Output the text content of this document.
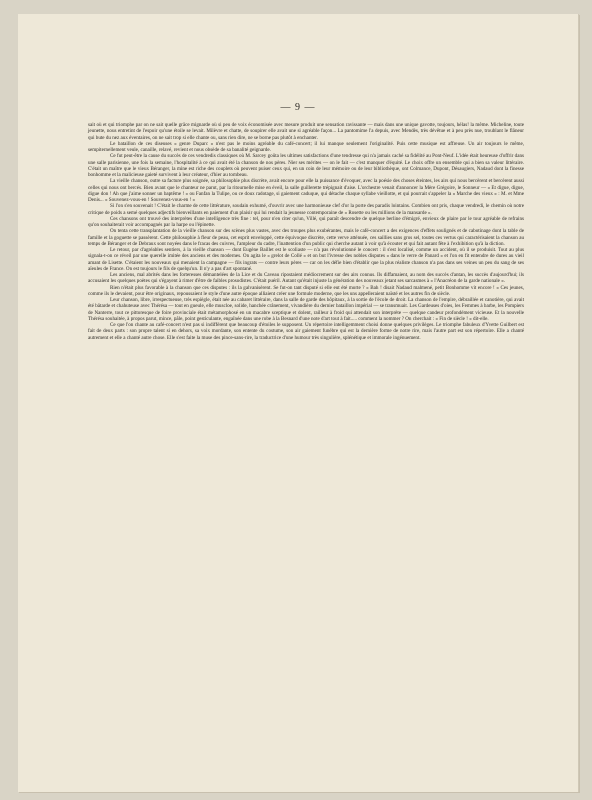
— 9 —

sait où et qui triomphe par on ne sait quelle grâce mignarde où si peu de voix économisée avec mesure produit une sensation ravissante — mais dans une unique gavotte, toujours, hélas! la même. Micheline, toute jeunette, nous entretint de l'espoir qu'une étoile se levait. Milèvre et chatte, de soupirer elle avait une si agréable façon... La pantomime l'a depuis, avec Mendès, très dévêtue et à peu près nue, troublant le flâneur qui bute du nez aux éventaires, on ne sait trop si elle chante ou, sans rien dire, ne se borne pas plutôt à enchanter.

Le bataillon de ces diseuses « genre Duparc » n'est pas le moins agréable du café-concert; il lui manque seulement l'originalité. Puis cette musique est affreuse. Un air toujours le même, sempiternellement veule, canaille, relavé, revient et nous obsède de sa banalité geignarde.

Ce fut peut-être la cause du succès de ces vendredis classiques où M. Sarcey goûta les ultimes satisfactions d'une tendresse qui n'a jamais caché sa fidélité au Pont-Neuf. L'idée était heureuse d'offrir dans une salle parisienne, une fois la semaine, l'hospitalité à ce qui avait été la chanson de nos pères. Nier ses mérites — on le fait — c'est manquer d'équité. Le choix offre un ensemble qui a bien sa valeur littéraire. C'était un maître que le vieux Béranger, la mine est riche des couplets où peuvent puiser ceux qui, en un coin de leur mémoire ou de leur bibliothèque, ont Colmance, Dupont, Désaugiers, Nadaud dont la finesse bonhomme et la malicieuse gaieté survivent à leur créateur, d'hier au tombeau.

La vieille chanson, outre sa facture plus soignée, sa philosophie plus discrète, avait encore pour elle la puissance d'évoquer, avec la poésie des choses éteintes, les airs qui nous bercèrent et bercèrent aussi celles qui nous ont bercés. Bien avant que le chanteur ne parut, par la ritournelle mise en éveil, la salle guillerette trépignait d'aise. L'orchestre venait d'annoncer la Mère Grégoire, le Sonneur — « Et digue, digue, digue don ! Ah que j'aime sonner un baptême ! » ou Fanfan la Tulipe, ou ce doux radotage, si gaiement caduque, qui détache chaque syllabe vieillotte, et qui pourrait s'appeler la « Marche des vieux » : M. et Mme Denis... « Souvenez-vous-en ! Souvenez-vous-en ! »

Si l'on s'en souvenait ! C'était le charme de cette littérature, soudain exhumé, d'ouvrir avec une harmonieuse clef d'or la porte des paradis lointains. Combien ont pris, chaque vendredi, le chemin où notre critique de poids a semé quelques adjectifs bienveillants en paiement d'un plaisir qui lui rendait la jeunesse contemporaine de « Rosette ou les millions de la mansarde ».

Ces chansons ont trouvé des interprètes d'une intelligence très fine : tel, pour n'en citer qu'un, Villé, qui paraît descendre de quelque berline d'émigré, envieux de plaire par le tour agréable de refrains qu'on souhaiterait voir accompagnés par la harpe ou l'épinette.

On tenta cette transplantation de la vieille chanson sur des scènes plus vastes, avec des troupes plus exubérantes, mais le café-concert a des exigences d'effets soulignés et de cabotinage dont la table de famille et la goguette se passèrent. Cette philosophie à fleur de peau, cet esprit enveloppé, cette équivoque discrète, cette verve atténuée, ces saillies sans gros sel, toutes ces vertus qui caractérisaient la chanson au temps de Béranger et de Debraux sont noyées dans le fracas des cuivres, l'ampleur du cadre, l'inattention d'un public qui cherche autant à voir qu'à écouter et qui fait autant fête à l'exhibition qu'à la diction.

Le retour, par d'agréables sentiers, à la vieille chanson — dont Eugène Baillet est le scoliaste — n'a pas révolutionné le concert : il s'est localisé, comme un accident, où il se produisit. Tout au plus signala-t-on ce réveil par une querelle imitée des anciens et des modernes. On agita le « grelot de Collé » et on but l'ivresse des nobles disputes « dans le verre de Panard » et l'on en fit entendre de dures au vieil amant de Lisette. C'étaient les nouveaux qui menaient la campagne — fils ingrats — contre leurs pères — car on les défie bien d'établir que la plus réaliste chanson n'a pas dans ses veines un peu du sang de ses aïeules de France. On est toujours le fils de quelqu'un. Il n'y a pas d'art spontané.

Les anciens, mal abrités dans les forteresses démantelées de la Lice et du Caveau ripostaient médiocrement sur des airs connus. Ils diffamaient, au nom des succès d'antan, les succès d'aujourd'hui; ils accusaient les quelques poètes qui s'égayent à rimer d'être de faibles prosodistes. C'était puéril. Autant qu'était injuste la génération des nouveaux jetant ses sarcasmes à « l'Anacréon de la garde nationale ».

Rien n'était plus favorable à la chanson que ces disputes : ils la galvanisèrent. Se fut-on tant disputé si elle eut été morte ? « Bah ! disait Nadaud malmené, petit Bonhomme vit encore ! » Ces jeunes, comme ils le devaient, pour être originaux, repoussaient le style d'une autre époque alliaient créer une formule moderne, que les uns appelleraient naïsté et les autres fin de siècle.

Leur chanson, libre, irrespectueuse, très espiègle, était née au cabaret littéraire, dans la salle de garde des hôpitaux, à la sortie de l'école de droit. La chanson de l'empire, débraillée et canotière, qui avait été bâtarde et chahuteuse avec Thérésa — tout en gueule, elle muscloe, solide, hanchée crânement, vivandière du dernier bataillon impérial — se transmuait. Les Gardeuses d'oies, les Femmes à barbe, les Pompiers de Nanterre, tout ce pittoresque de foire provinciale était métamorphosé en un macabre sceptique et dolent, railleur à froid qui attendait son interprète — quelque candeur profondément vicieuse. Et la nouvelle Thérésa souhaitée, à propos parut, mince, pâle, point gesticulante, engaînée dans une robe à la Besnard d'une note d'art tout à fait..... comment la nommer ? On cherchait : « Fin de siècle ! » dit-elle.

Ce que l'on chante au café-concert n'est pas si indifférent que beaucoup d'étoiles le supposent. Un répertoire intelligemment choisi donne quelques privilèges. Le triomphe fabuleux d'Yvette Guilbert est fait de deux parts : son propre talent si en dehors, sa voix mordante, son entente du costume, son air gaiement funèbre qui est la dernière forme de notre rire, mais l'autre part est son répertoire. Elle a chanté autrement et elle a chanté autre chose. Elle s'est faite la muse des pince-sans-rire, la traductrice d'une humour très singulière, splénétique et immorale ingénuement.
